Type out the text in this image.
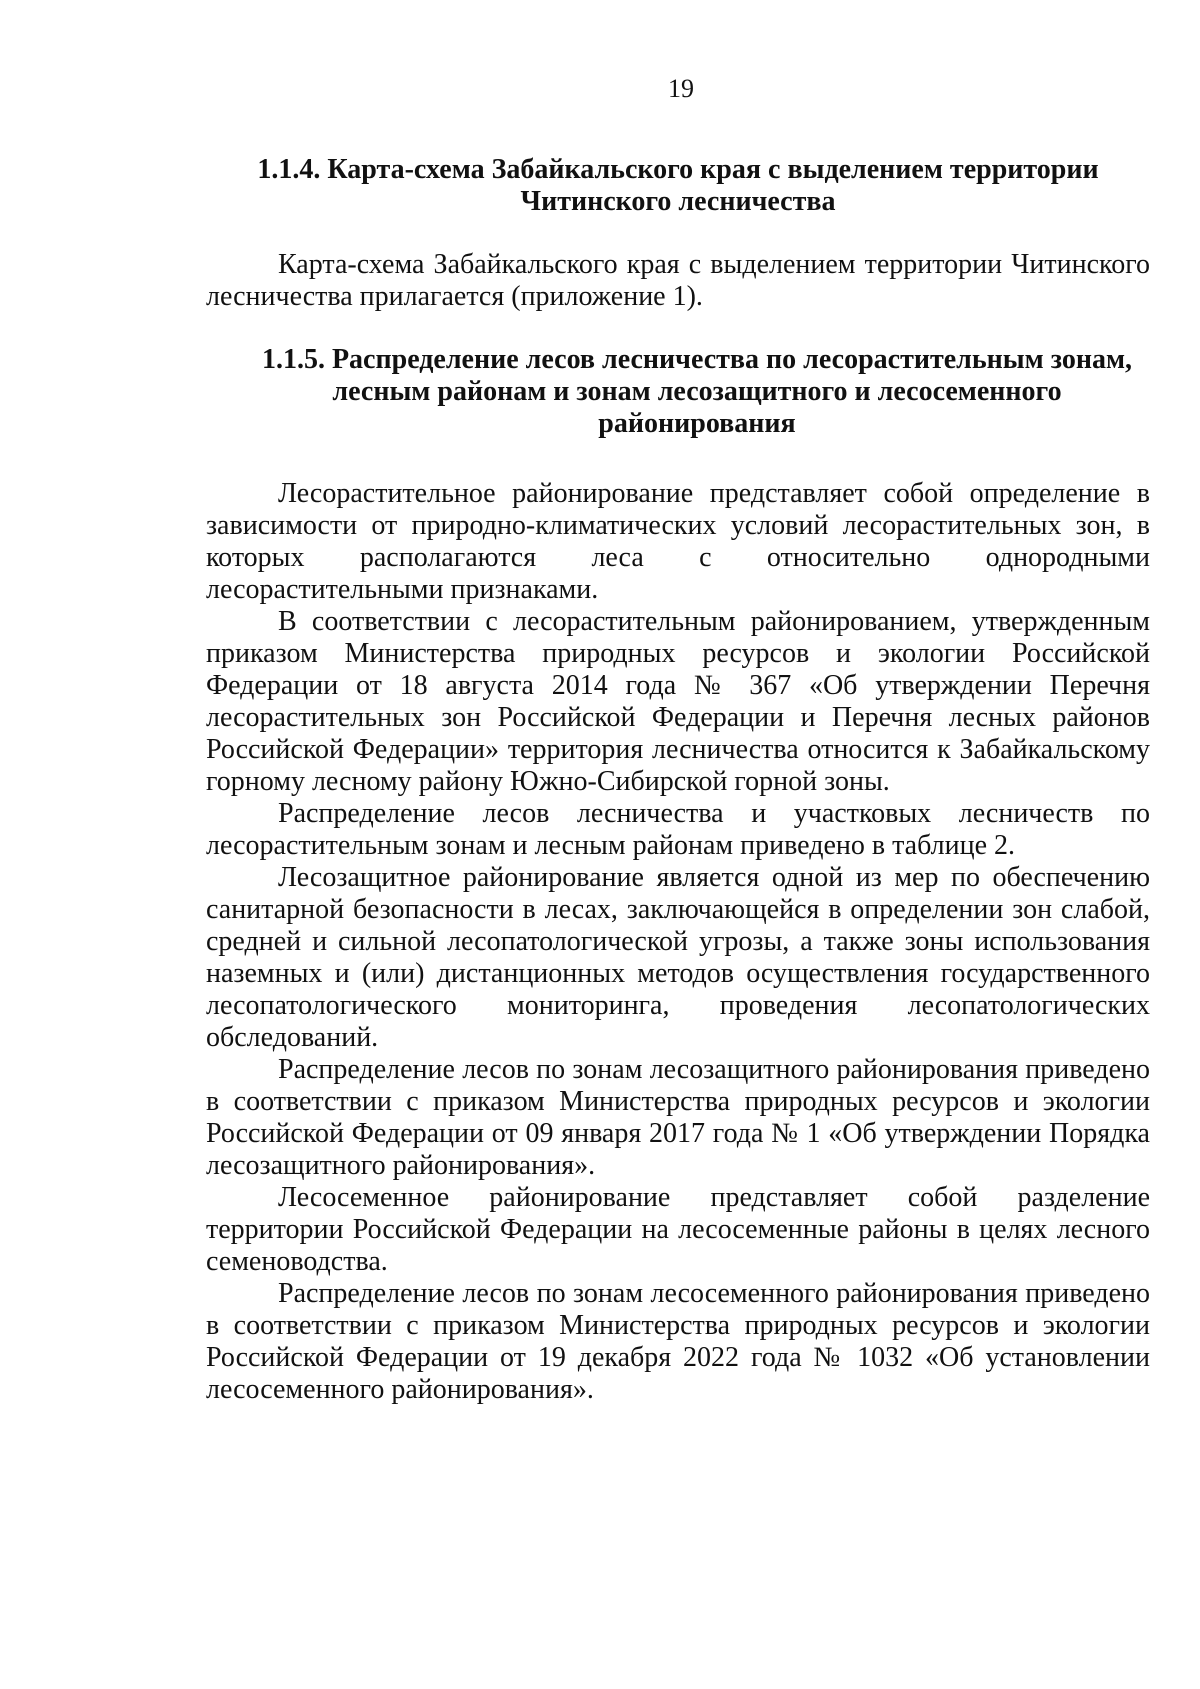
19
1.1.4. Карта-схема Забайкальского края с выделением территории Читинского лесничества

Карта-схема Забайкальского края с выделением территории Читинского лесничества прилагается (приложение 1).

1.1.5. Распределение лесов лесничества по лесорастительным зонам, лесным районам и зонам лесозащитного и лесосеменного районирования

Лесорастительное районирование представляет собой определение в зависимости от природно-климатических условий лесорастительных зон, в которых располагаются леса с относительно однородными лесорастительными признаками.

В соответствии с лесорастительным районированием, утвержденным приказом Министерства природных ресурсов и экологии Российской Федерации от 18 августа 2014 года № 367 «Об утверждении Перечня лесорастительных зон Российской Федерации и Перечня лесных районов Российской Федерации» территория лесничества относится к Забайкальскому горному лесному району Южно-Сибирской горной зоны.

Распределение лесов лесничества и участковых лесничеств по лесорастительным зонам и лесным районам приведено в таблице 2.

Лесозащитное районирование является одной из мер по обеспечению санитарной безопасности в лесах, заключающейся в определении зон слабой, средней и сильной лесопатологической угрозы, а также зоны использования наземных и (или) дистанционных методов осуществления государственного лесопатологического мониторинга, проведения лесопатологических обследований.

Распределение лесов по зонам лесозащитного районирования приведено в соответствии с приказом Министерства природных ресурсов и экологии Российской Федерации от 09 января 2017 года № 1 «Об утверждении Порядка лесозащитного районирования».

Лесосеменное районирование представляет собой разделение территории Российской Федерации на лесосеменные районы в целях лесного семеноводства.

Распределение лесов по зонам лесосеменного районирования приведено в соответствии с приказом Министерства природных ресурсов и экологии Российской Федерации от 19 декабря 2022 года № 1032 «Об установлении лесосеменного районирования».
